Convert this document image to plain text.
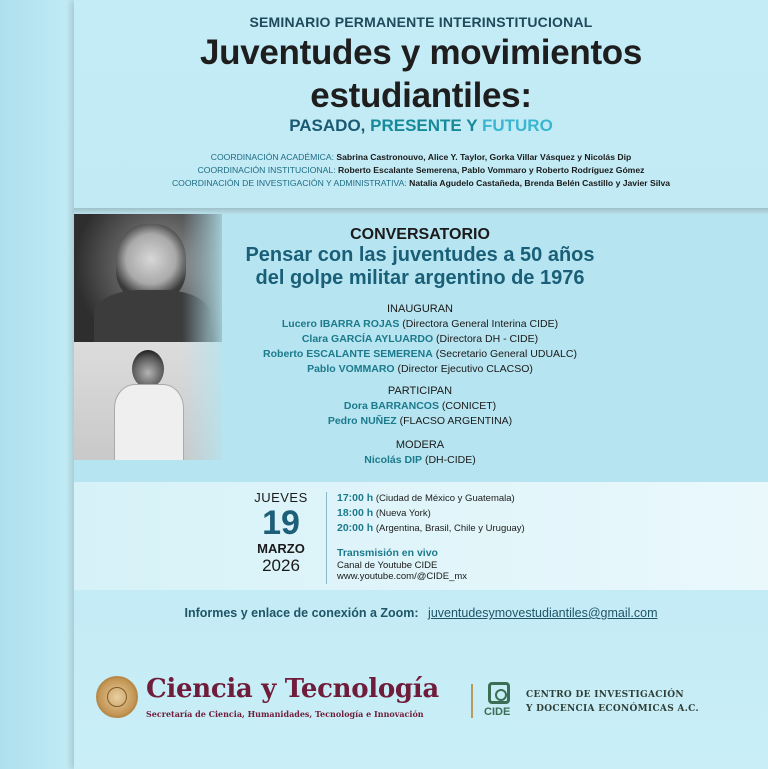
SEMINARIO PERMANENTE INTERINSTITUCIONAL
Juventudes y movimientos
estudiantiles:
PASADO, PRESENTE Y FUTURO
COORDINACIÓN ACADÉMICA: Sabrina Castronouvo, Alice Y. Taylor, Gorka Villar Vásquez y Nicolás Dip
COORDINACIÓN INSTITUCIONAL: Roberto Escalante Semerena, Pablo Vommaro y Roberto Rodríguez Gómez
COORDINACIÓN DE INVESTIGACIÓN Y ADMINISTRATIVA: Natalia Agudelo Castañeda, Brenda Belén Castillo y Javier Silva
CONVERSATORIO
Pensar con las juventudes a 50 años
del golpe militar argentino de 1976
INAUGURAN
Lucero IBARRA ROJAS (Directora General Interina CIDE)
Clara GARCÍA AYLUARDO (Directora DH - CIDE)
Roberto ESCALANTE SEMERENA (Secretario General UDUALC)
Pablo VOMMARO (Director Ejecutivo CLACSO)
PARTICIPAN
Dora BARRANCOS (CONICET)
Pedro NUÑEZ (FLACSO ARGENTINA)
MODERA
Nicolás DIP (DH-CIDE)
JUEVES
19
MARZO
2026
17:00 h (Ciudad de México y Guatemala)
18:00 h (Nueva York)
20:00 h (Argentina, Brasil, Chile y Uruguay)
Transmisión en vivo
Canal de Youtube CIDE
www.youtube.com/@CIDE_mx
Informes y enlace de conexión a Zoom: juventudesymovestudiantiles@gmail.com
Ciencia y Tecnología
Secretaría de Ciencia, Humanidades, Tecnología e Innovación	CIDE
CENTRO DE INVESTIGACIÓN
Y DOCENCIA ECONÓMICAS A.C.
